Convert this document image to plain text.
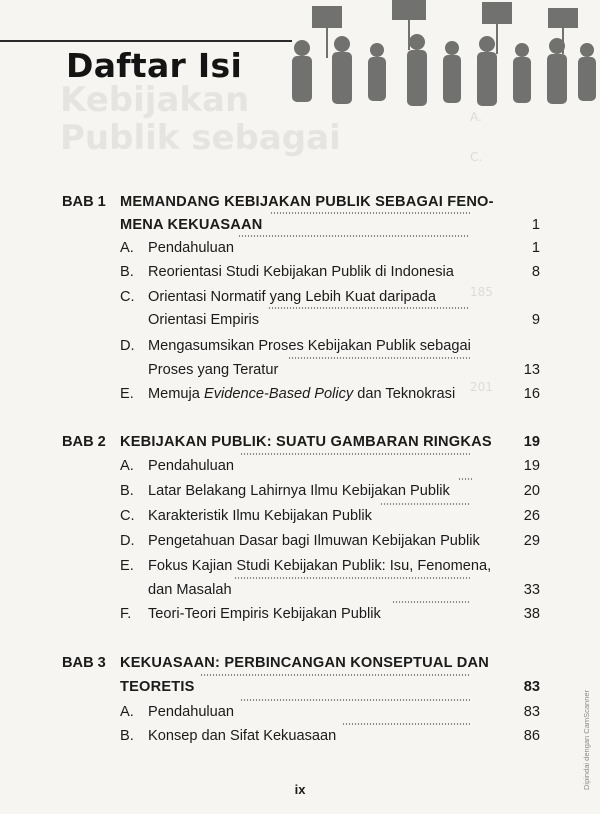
A.
C.
Kebijakan
Publik sebagai
185
201
Daftar Isi
BAB 1 MEMANDANG KEBIJAKAN PUBLIK SEBAGAI FENO-
MENA KEKUASAAN	1
A. Pendahuluan	1
B. Reorientasi Studi Kebijakan Publik di Indonesia	8
C. Orientasi Normatif yang Lebih Kuat daripada
Orientasi Empiris	9
D. Mengasumsikan Proses Kebijakan Publik sebagai
Proses yang Teratur	13
E. Memuja Evidence-Based Policy dan Teknokrasi	16
BAB 2 KEBIJAKAN PUBLIK: SUATU GAMBARAN RINGKAS 19
A. Pendahuluan	19
B. Latar Belakang Lahirnya Ilmu Kebijakan Publik	20
C. Karakteristik Ilmu Kebijakan Publik	26
D. Pengetahuan Dasar bagi Ilmuwan Kebijakan Publik	29
E. Fokus Kajian Studi Kebijakan Publik: Isu, Fenomena,
dan Masalah	33
F. Teori-Teori Empiris Kebijakan Publik	38
BAB 3 KEKUASAAN: PERBINCANGAN KONSEPTUAL DAN
TEORETIS	83
A. Pendahuluan	83
B. Konsep dan Sifat Kekuasaan	86
ix	Dipindai dengan CamScanner
